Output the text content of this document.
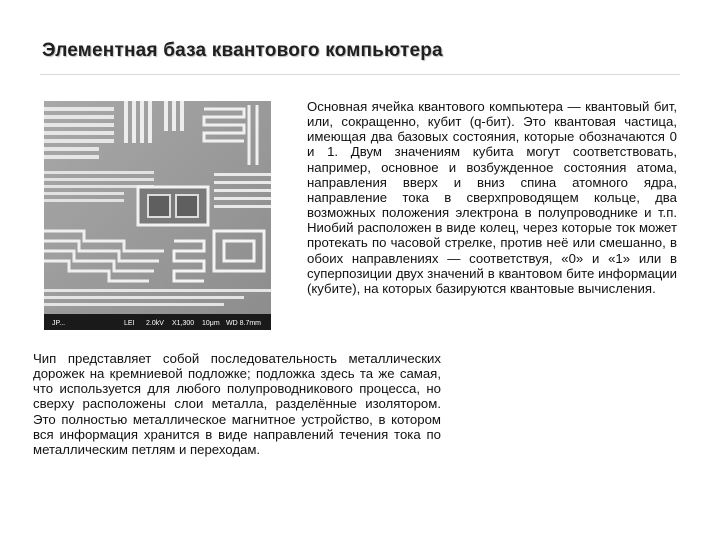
Элементная база квантового компьютера
JP...	LEI 2.0kV X1,300 10μm WD 8.7mm
Основная ячейка квантового компьютера — квантовый бит, или, сокращенно, кубит (q-бит). Это квантовая частица, имеющая два базовых состояния, которые обозначаются 0 и 1. Двум значениям кубита могут соответствовать, например, основное и возбужденное состояния атома, направления вверх и вниз спина атомного ядра, направление тока в сверхпроводящем кольце, два возможных положения электрона в полупроводнике и т.п. Ниобий расположен в виде колец, через которые ток может протекать по часовой стрелке, против неё или смешанно, в обоих направлениях — соответствуя, «0» и «1» или в суперпозиции двух значений в квантовом бите информации (кубите), на которых базируются квантовые вычисления.
Чип представляет собой последовательность металлических дорожек на кремниевой подложке; подложка здесь та же самая, что используется для любого полупроводникового процесса, но сверху расположены слои металла, разделённые изолятором. Это полностью металлическое магнитное устройство, в котором вся информация хранится в виде направлений течения тока по металлическим петлям и переходам.
